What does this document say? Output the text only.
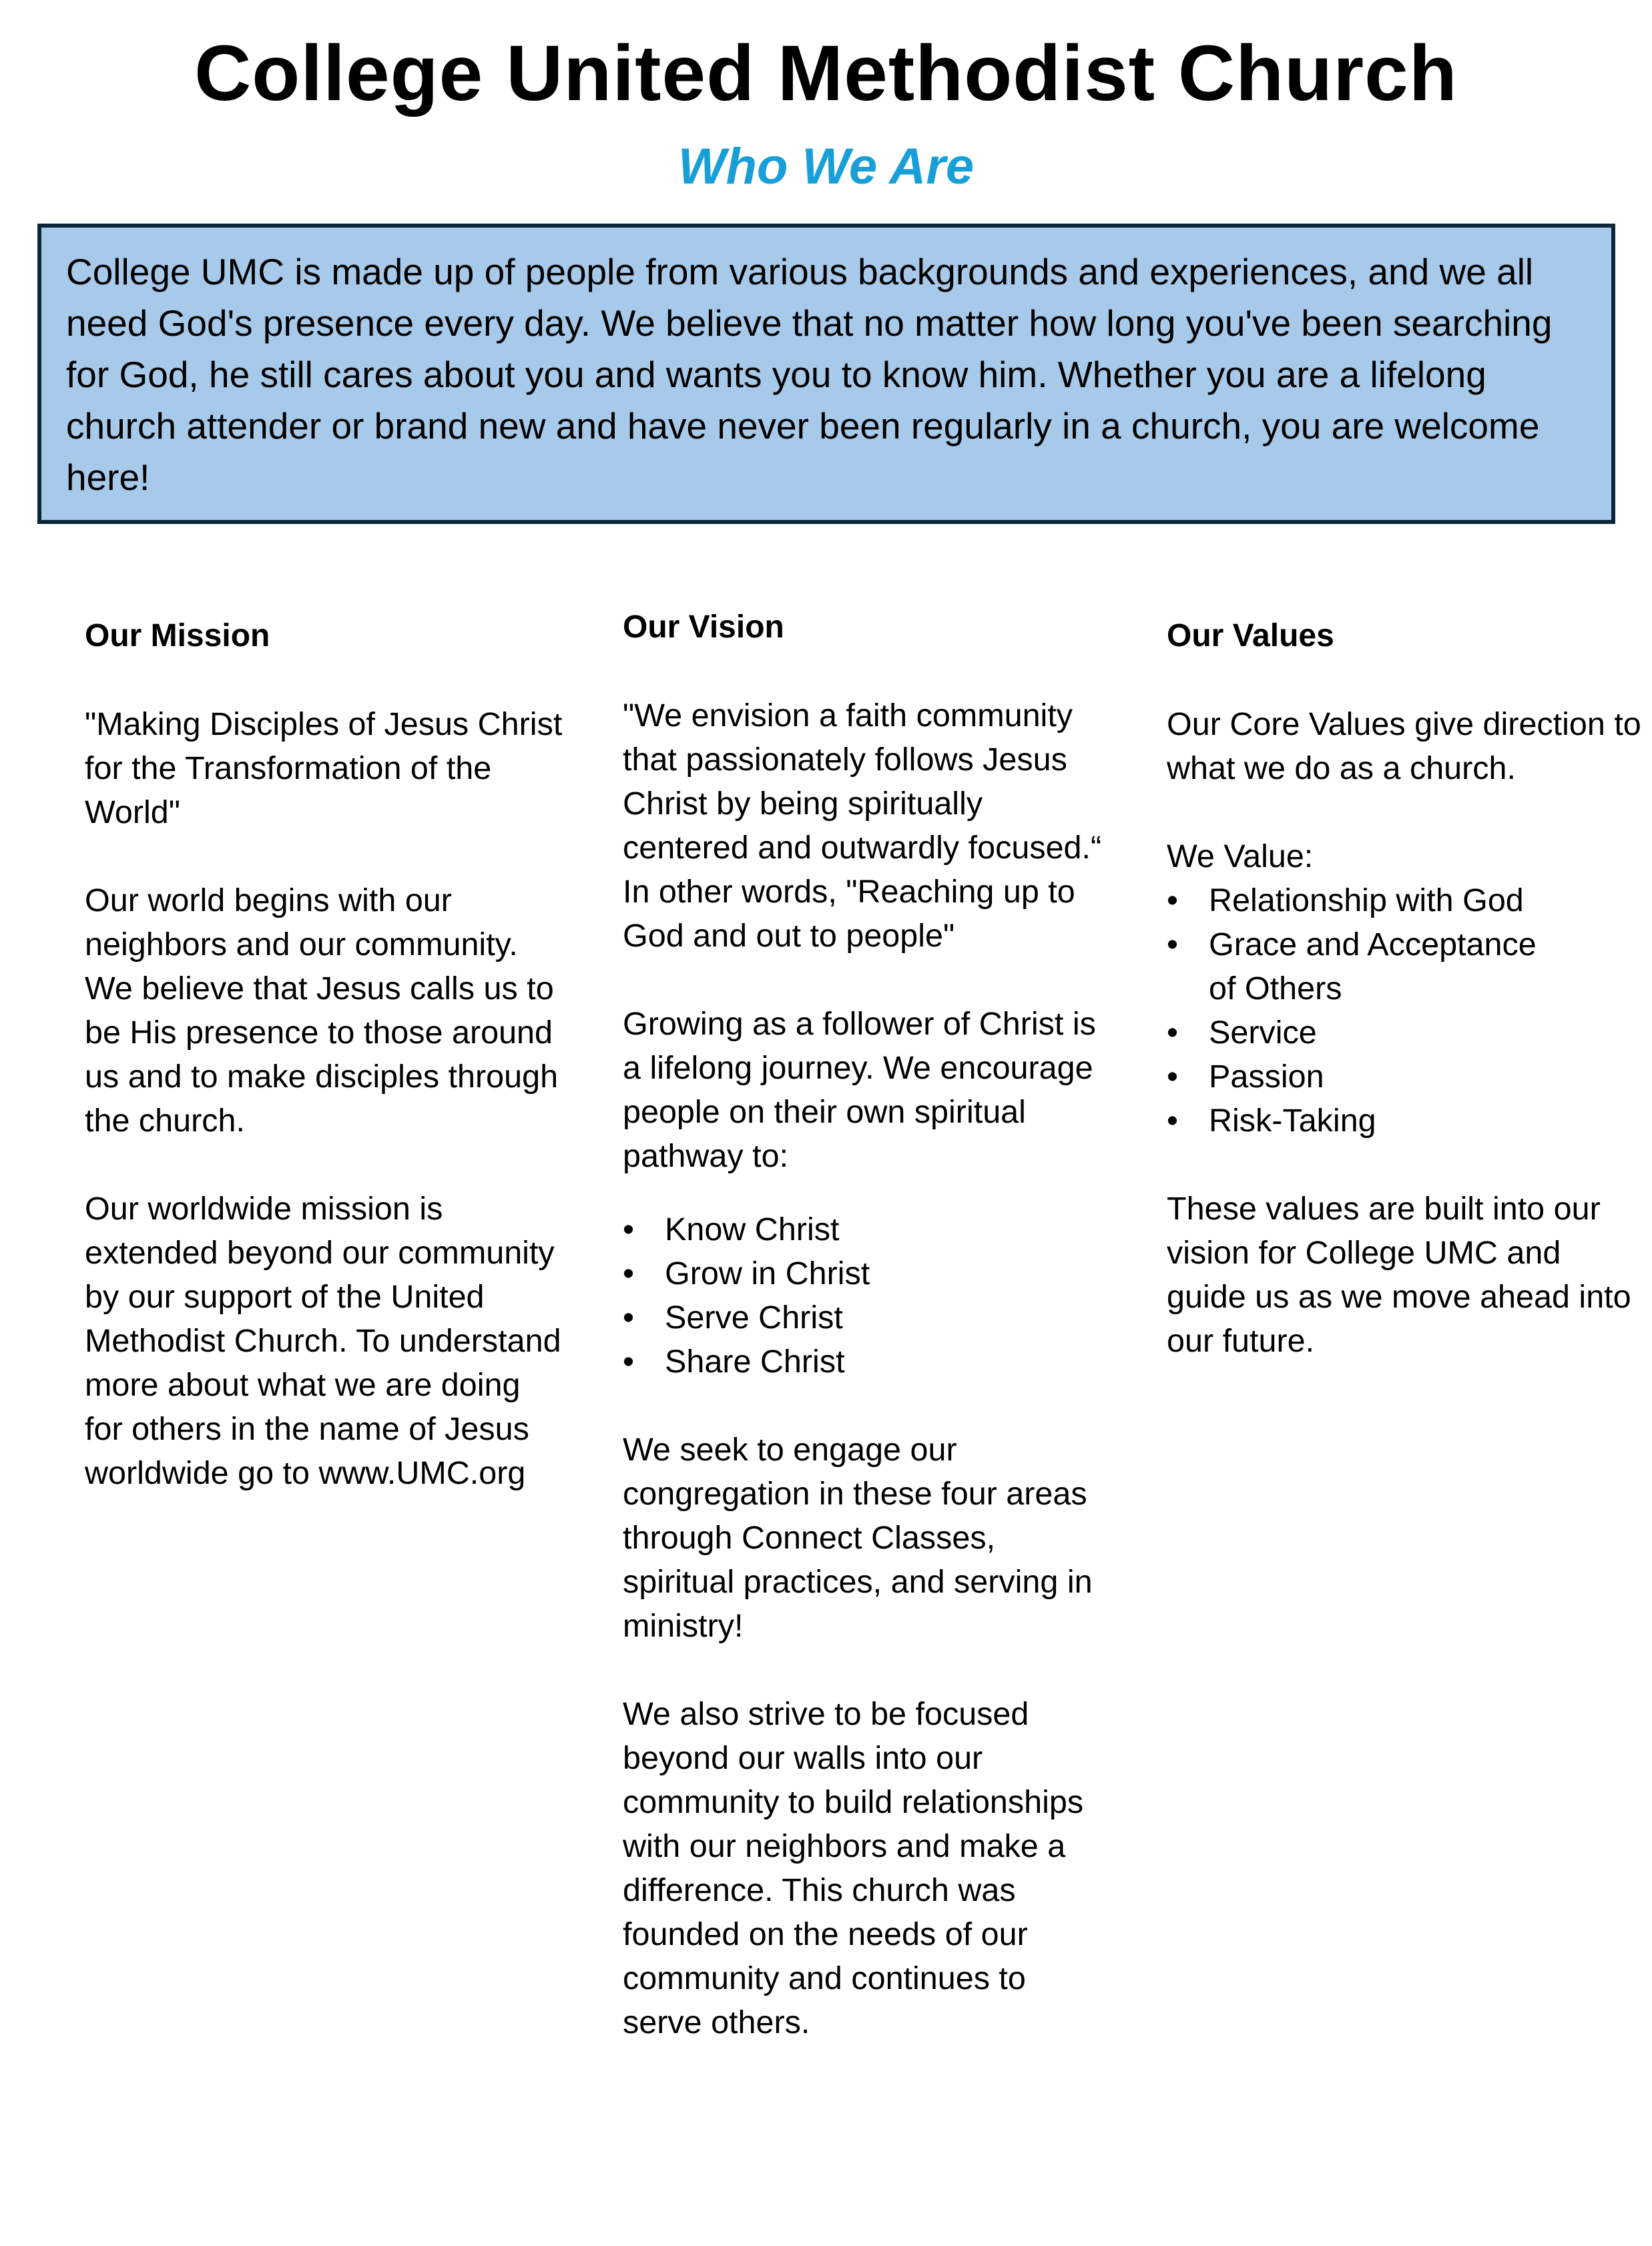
College United Methodist Church
Who We Are

College UMC is made up of people from various backgrounds and experiences, and we all need God's presence every day. We believe that no matter how long you've been searching for God, he still cares about you and wants you to know him. Whether you are a lifelong church attender or brand new and have never been regularly in a church, you are welcome here!

Our Mission

"Making Disciples of Jesus Christ for the Transformation of the World"

Our world begins with our neighbors and our community. We believe that Jesus calls us to be His presence to those around us and to make disciples through the church.

Our worldwide mission is extended beyond our community by our support of the United Methodist Church. To understand more about what we are doing for others in the name of Jesus worldwide go to www.UMC.org

Our Vision

"We envision a faith community that passionately follows Jesus Christ by being spiritually centered and outwardly focused.“ In other words, "Reaching up to God and out to people"

Growing as a follower of Christ is a lifelong journey. We encourage people on their own spiritual pathway to:

• Know Christ
• Grow in Christ
• Serve Christ
• Share Christ

We seek to engage our congregation in these four areas through Connect Classes, spiritual practices, and serving in ministry!

We also strive to be focused beyond our walls into our community to build relationships with our neighbors and make a difference. This church was founded on the needs of our community and continues to serve others.

Our Values

Our Core Values give direction to what we do as a church.

We Value:

• Relationship with God
• Grace and Acceptance of Others
• Service
• Passion
• Risk-Taking

These values are built into our vision for College UMC and guide us as we move ahead into our future.
